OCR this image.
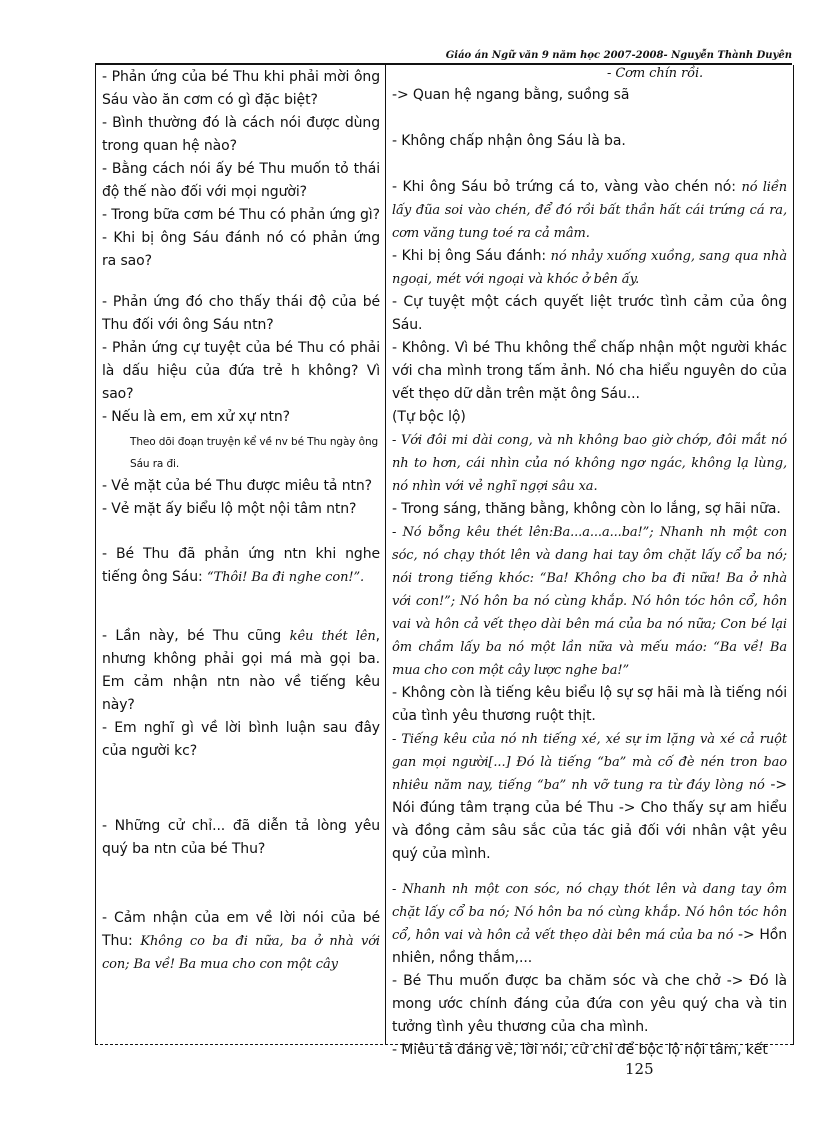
Giáo án Ngữ văn 9 năm học 2007-2008- Nguyễn Thành Duyên

- Phản ứng của bé Thu khi phải mời ông Sáu vào ăn cơm có gì đặc biệt?

- Bình thường đó là cách nói được dùng trong quan hệ nào?

- Bằng cách nói ấy bé Thu muốn tỏ thái độ thế nào đối với mọi người?

- Trong bữa cơm bé Thu có phản ứng gì?

- Khi bị ông Sáu đánh nó có phản ứng ra sao?

- Phản ứng đó cho thấy thái độ của bé Thu đối với ông Sáu ntn?

- Phản ứng cự tuyệt của bé Thu có phải là dấu hiệu của đứa trẻ h không? Vì sao?

- Nếu là em, em xử xự ntn?

Theo dõi đoạn truyện kể về nv bé Thu ngày ông Sáu ra đi.

- Vẻ mặt của bé Thu được miêu tả ntn?

- Vẻ mặt ấy biểu lộ một nội tâm ntn?

- Bé Thu đã phản ứng ntn khi nghe tiếng ông Sáu: “Thôi! Ba đi nghe con!”.

- Lần này, bé Thu cũng kêu thét lên, nhưng không phải gọi má mà gọi ba. Em cảm nhận ntn nào về tiếng kêu này?

- Em nghĩ gì về lời bình luận sau đây của người kc?

- Những cử chỉ... đã diễn tả lòng yêu quý ba ntn của bé Thu?

- Cảm nhận của em về lời nói của bé Thu: Không co ba đi nữa, ba ở nhà với con; Ba về! Ba mua cho con một cây

- Cơm chín rồi.

-> Quan hệ ngang bằng, suồng sã

- Không chấp nhận ông Sáu là ba.

- Khi ông Sáu bỏ trứng cá to, vàng vào chén nó: nó liền lấy đũa soi vào chén, để đó rồi bất thần hất cái trứng cá ra, cơm văng tung toé ra cả mâm.

- Khi bị ông Sáu đánh: nó nhảy xuống xuồng, sang qua nhà ngoại, mét với ngoại và khóc ở bên ấy.

- Cự tuyệt một cách quyết liệt trước tình cảm của ông Sáu.

- Không. Vì bé Thu không thể chấp nhận một người khác với cha mình trong tấm ảnh. Nó cha hiểu nguyên do của vết thẹo dữ dằn trên mặt ông Sáu...

(Tự bộc lộ)

- Với đôi mi dài cong, và nh không bao giờ chớp, đôi mắt nó nh to hơn, cái nhìn của nó không ngơ ngác, không lạ lùng, nó nhìn với vẻ nghĩ ngợi sâu xa.

- Trong sáng, thăng bằng, không còn lo lắng, sợ hãi nữa.

- Nó bỗng kêu thét lên:Ba...a...a...ba!”; Nhanh nh một con sóc, nó chạy thót lên và dang hai tay ôm chặt lấy cổ ba nó; nói trong tiếng khóc: “Ba! Không cho ba đi nữa! Ba ở nhà với con!”; Nó hôn ba nó cùng khắp. Nó hôn tóc hôn cổ, hôn vai và hôn cả vết thẹo dài bên má của ba nó nữa; Con bé lại ôm chầm lấy ba nó một lần nữa và mếu máo: “Ba về! Ba mua cho con một cây lược nghe ba!”

- Không còn là tiếng kêu biểu lộ sự sợ hãi mà là tiếng nói của tình yêu thương ruột thịt.

- Tiếng kêu của nó nh tiếng xé, xé sự im lặng và xé cả ruột gan mọi người[...] Đó là tiếng “ba” mà cố đè nén tron bao nhiêu năm nay, tiếng “ba” nh vỡ tung ra từ đáy lòng nó -> Nói đúng tâm trạng của bé Thu -> Cho thấy sự am hiểu và đồng cảm sâu sắc của tác giả đối với nhân vật yêu quý của mình.

- Nhanh nh một con sóc, nó chạy thót lên và dang tay ôm chặt lấy cổ ba nó; Nó hôn ba nó cùng khắp. Nó hôn tóc hôn cổ, hôn vai và hôn cả vết thẹo dài bên má của ba nó -> Hồn nhiên, nồng thắm,...

- Bé Thu muốn được ba chăm sóc và che chở -> Đó là mong ước chính đáng của đứa con yêu quý cha và tin tưởng tình yêu thương của cha mình.

- Miêu tả dáng vẻ, lời nói, cử chỉ để bộc lộ nội tâm, kết

125
